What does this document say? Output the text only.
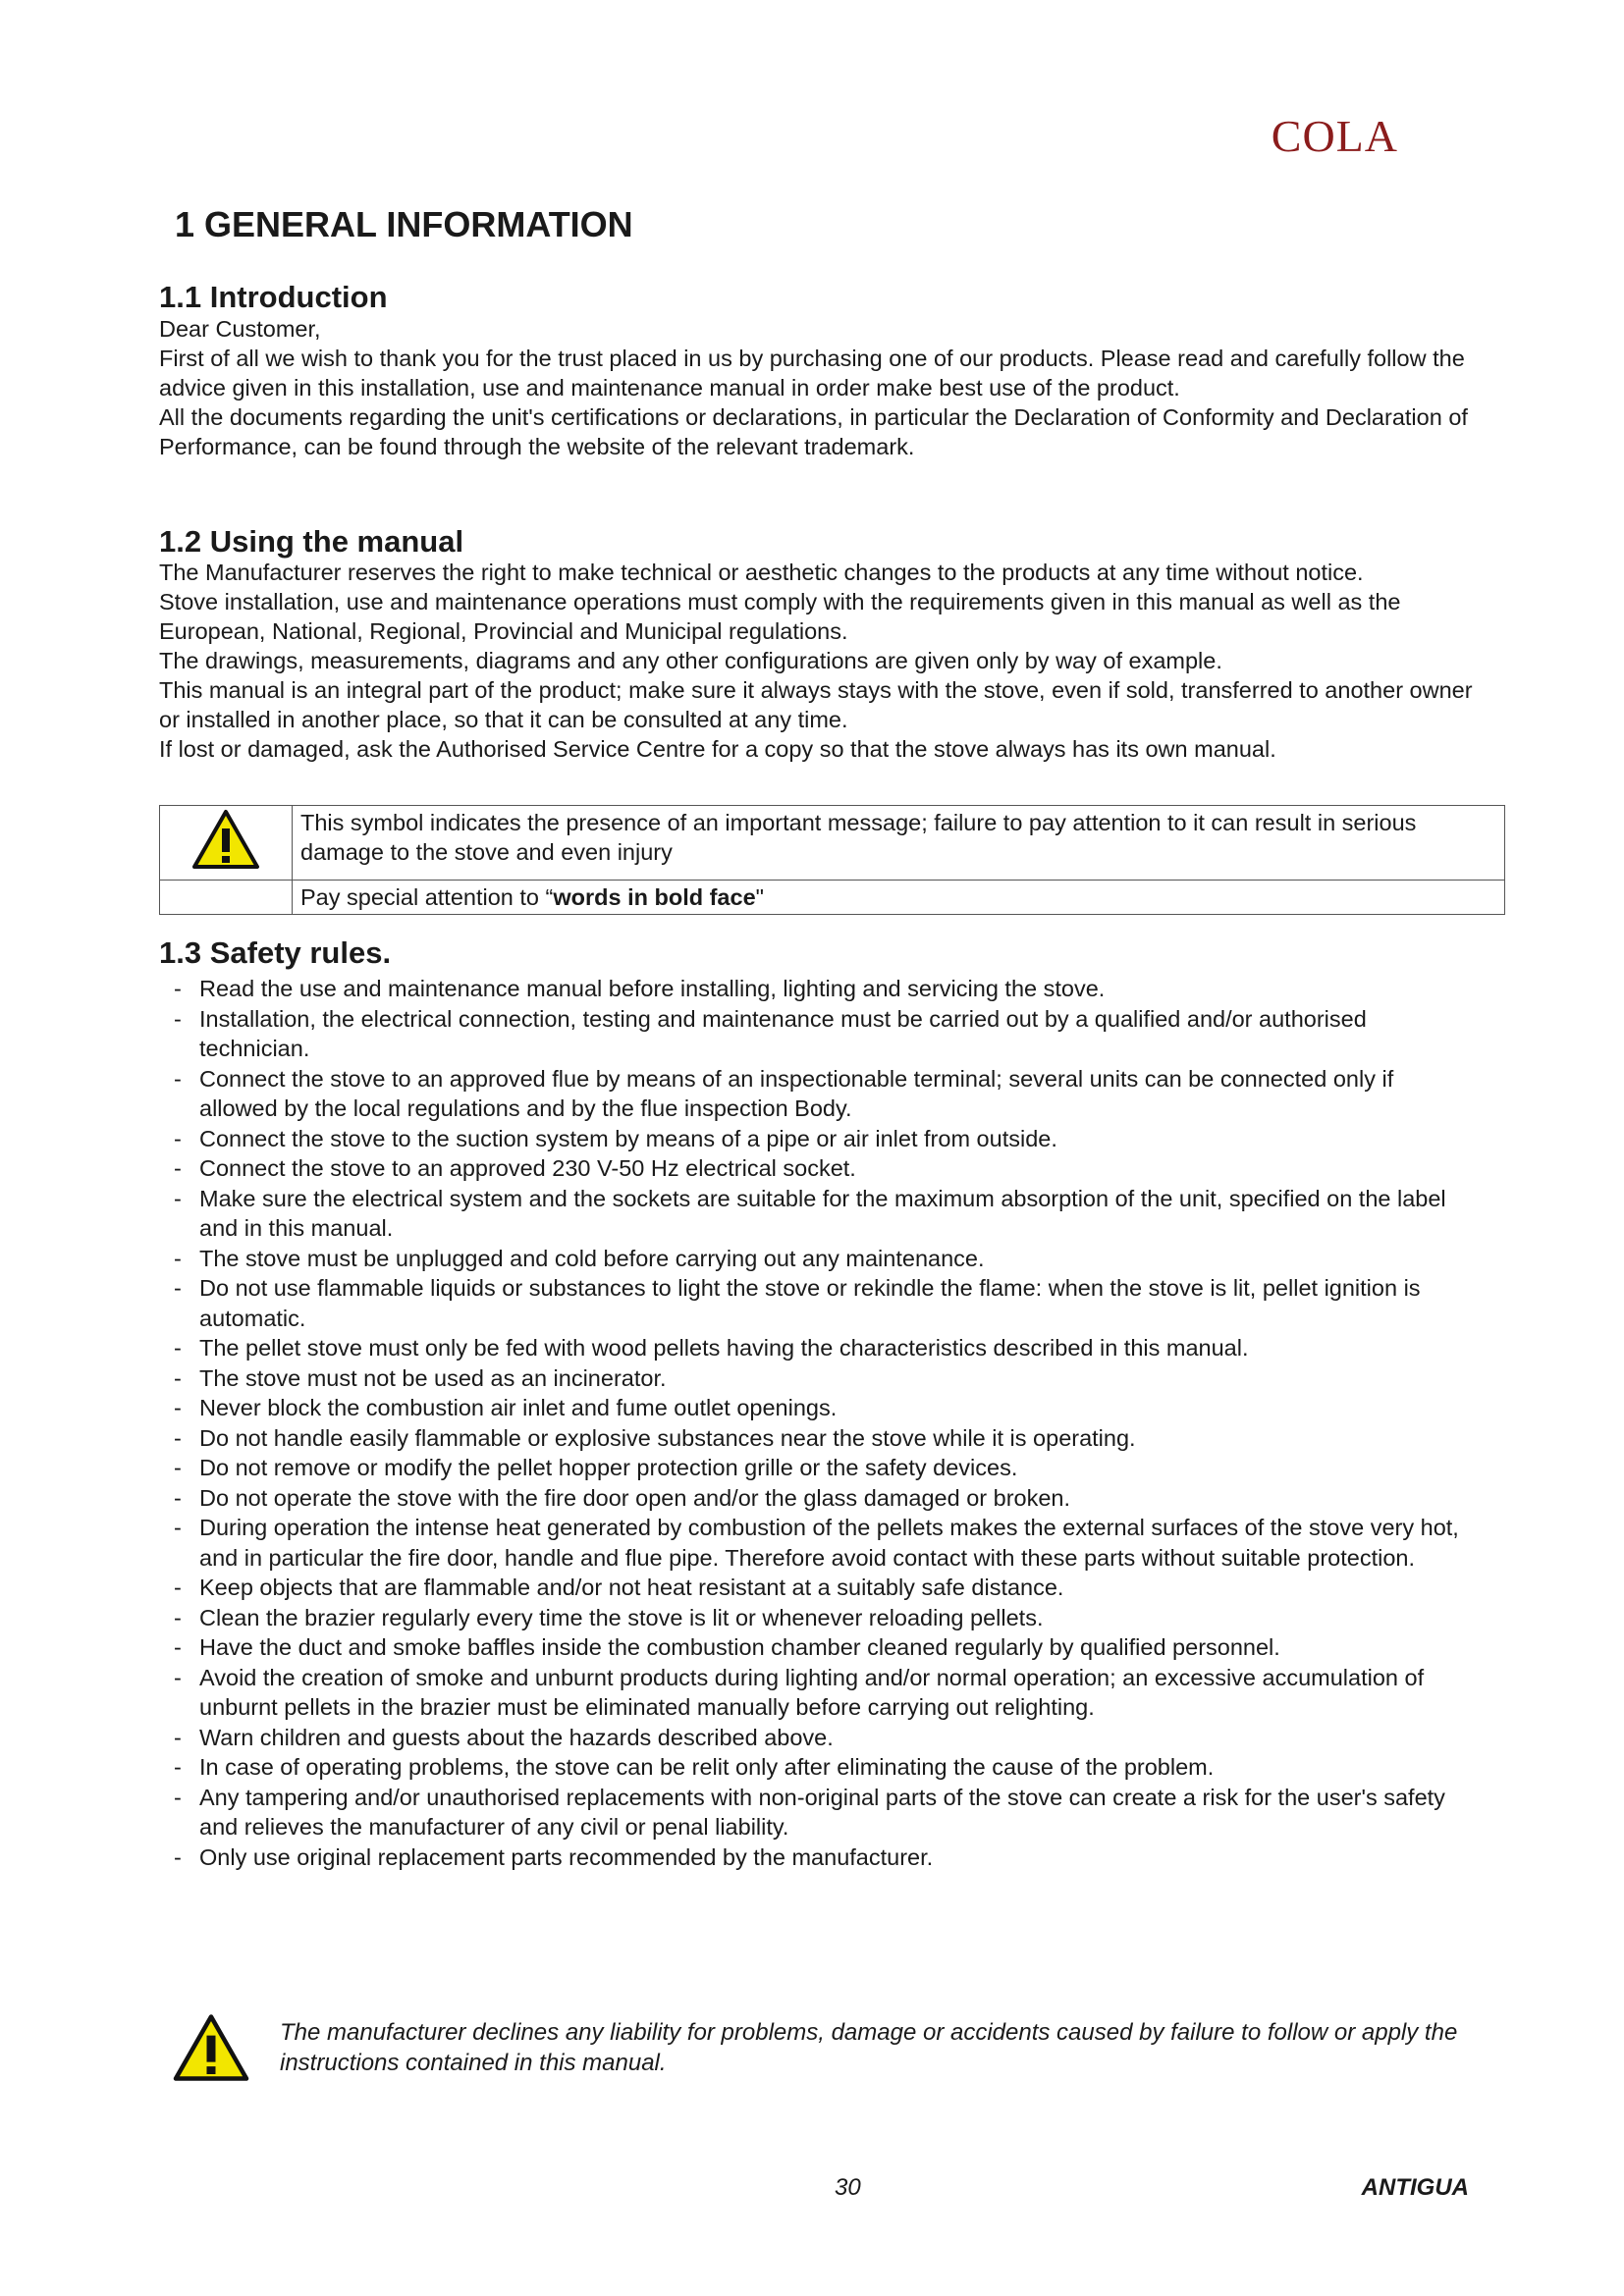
COLA
1 GENERAL INFORMATION
1.1 Introduction

Dear Customer,

First of all we wish to thank you for the trust placed in us by purchasing one of our products. Please read and carefully follow the advice given in this installation, use and maintenance manual in order make best use of the product.

All the documents regarding the unit's certifications or declarations, in particular the Declaration of Conformity and Declaration of Performance, can be found through the website of the relevant trademark.

1.2 Using the manual

The Manufacturer reserves the right to make technical or aesthetic changes to the products at any time without notice.

Stove installation, use and maintenance operations must comply with the requirements given in this manual as well as the European, National, Regional, Provincial and Municipal regulations.

The drawings, measurements, diagrams and any other configurations are given only by way of example.

This manual is an integral part of the product; make sure it always stays with the stove, even if sold, transferred to another owner or installed in another place, so that it can be consulted at any time.

If lost or damaged, ask the Authorised Service Centre for a copy so that the stove always has its own manual.

	This symbol indicates the presence of an important message; failure to pay attention to it can result in serious damage to the stove and even injury
	Pay special attention to “words in bold face"
1.3 Safety rules.
- Read the use and maintenance manual before installing, lighting and servicing the stove.
- Installation, the electrical connection, testing and maintenance must be carried out by a qualified and/or authorised technician.
- Connect the stove to an approved flue by means of an inspectionable terminal; several units can be connected only if allowed by the local regulations and by the flue inspection Body.
- Connect the stove to the suction system by means of a pipe or air inlet from outside.
- Connect the stove to an approved 230 V-50 Hz electrical socket.
- Make sure the electrical system and the sockets are suitable for the maximum absorption of the unit, specified on the label and in this manual.
- The stove must be unplugged and cold before carrying out any maintenance.
- Do not use flammable liquids or substances to light the stove or rekindle the flame: when the stove is lit, pellet ignition is automatic.
- The pellet stove must only be fed with wood pellets having the characteristics described in this manual.
- The stove must not be used as an incinerator.
- Never block the combustion air inlet and fume outlet openings.
- Do not handle easily flammable or explosive substances near the stove while it is operating.
- Do not remove or modify the pellet hopper protection grille or the safety devices.
- Do not operate the stove with the fire door open and/or the glass damaged or broken.
- During operation the intense heat generated by combustion of the pellets makes the external surfaces of the stove very hot, and in particular the fire door, handle and flue pipe. Therefore avoid contact with these parts without suitable protection.
- Keep objects that are flammable and/or not heat resistant at a suitably safe distance.
- Clean the brazier regularly every time the stove is lit or whenever reloading pellets.
- Have the duct and smoke baffles inside the combustion chamber cleaned regularly by qualified personnel.
- Avoid the creation of smoke and unburnt products during lighting and/or normal operation; an excessive accumulation of unburnt pellets in the brazier must be eliminated manually before carrying out relighting.
- Warn children and guests about the hazards described above.
- In case of operating problems, the stove can be relit only after eliminating the cause of the problem.
- Any tampering and/or unauthorised replacements with non-original parts of the stove can create a risk for the user's safety and relieves the manufacturer of any civil or penal liability.
- Only use original replacement parts recommended by the manufacturer.

The manufacturer declines any liability for problems, damage or accidents caused by failure to follow or apply the instructions contained in this manual.

30	ANTIGUA
